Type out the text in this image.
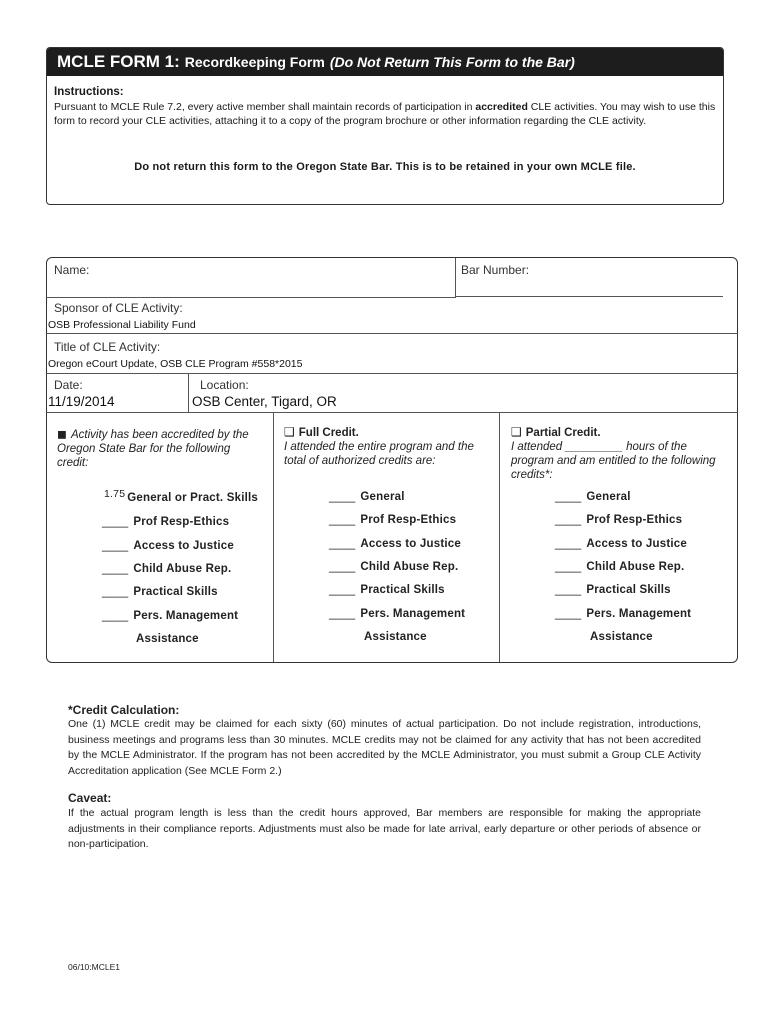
MCLE FORM 1: Recordkeeping Form (Do Not Return This Form to the Bar)
Instructions:
Pursuant to MCLE Rule 7.2, every active member shall maintain records of participation in accredited CLE activities. You may wish to use this form to record your CLE activities, attaching it to a copy of the program brochure or other information regarding the CLE activity.
Do not return this form to the Oregon State Bar. This is to be retained in your own MCLE file.
Name:	Bar Number:
Sponsor of CLE Activity:
OSB Professional Liability Fund
Title of CLE Activity:
Oregon eCourt Update, OSB CLE Program #558*2015
Date:
11/19/2014
Location:
OSB Center, Tigard, OR
◼ Activity has been accredited by the Oregon State Bar for the following credit:
❑ Full Credit.
I attended the entire program and the total of authorized credits are:
❑ Partial Credit.
I attended _________ hours of the program and am entitled to the following credits*:
1.75 General or Pract. Skills
____ Prof Resp-Ethics
____ Access to Justice
____ Child Abuse Rep.
____ Practical Skills
____ Pers. Management
Assistance
____ General
____ Prof Resp-Ethics
____ Access to Justice
____ Child Abuse Rep.
____ Practical Skills
____ Pers. Management
Assistance
____ General
____ Prof Resp-Ethics
____ Access to Justice
____ Child Abuse Rep.
____ Practical Skills
____ Pers. Management
Assistance
*Credit Calculation:
One (1) MCLE credit may be claimed for each sixty (60) minutes of actual participation. Do not include registration, introductions, business meetings and programs less than 30 minutes. MCLE credits may not be claimed for any activity that has not been accredited by the MCLE Administrator. If the program has not been accredited by the MCLE Administrator, you must submit a Group CLE Activity Accreditation application (See MCLE Form 2.)
Caveat:
If the actual program length is less than the credit hours approved, Bar members are responsible for making the appropriate adjustments in their compliance reports. Adjustments must also be made for late arrival, early departure or other periods of absence or non-participation.
06/10:MCLE1
